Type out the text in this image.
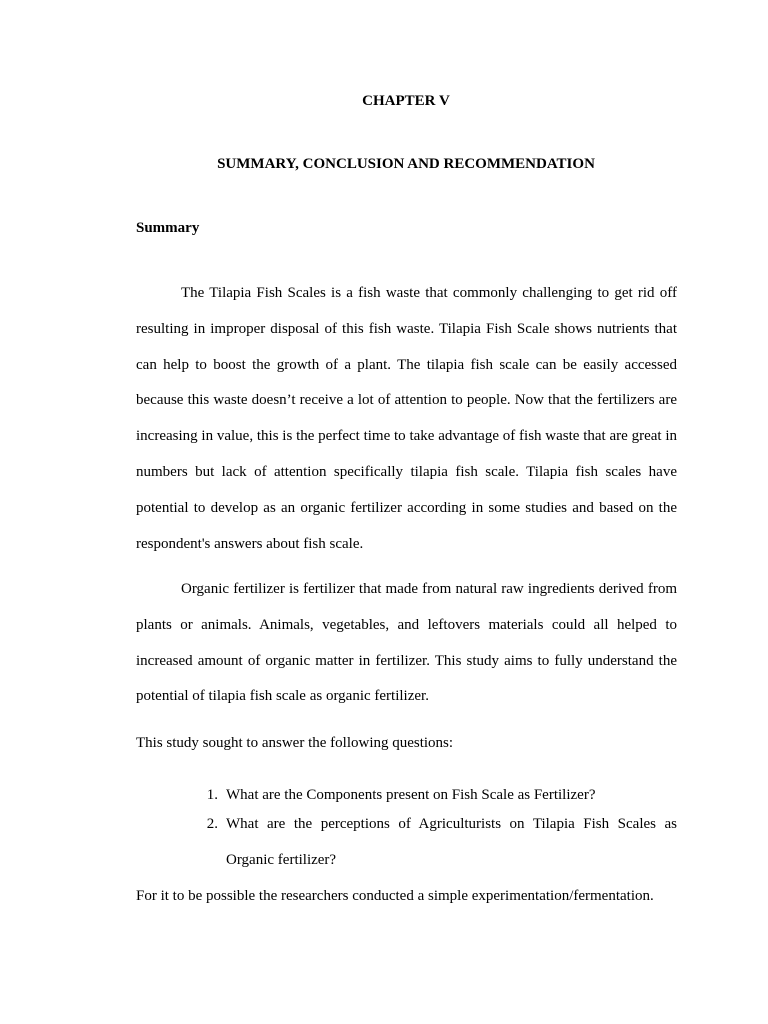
CHAPTER V
SUMMARY, CONCLUSION AND RECOMMENDATION
Summary

The Tilapia Fish Scales is a fish waste that commonly challenging to get rid off resulting in improper disposal of this fish waste. Tilapia Fish Scale shows nutrients that can help to boost the growth of a plant. The tilapia fish scale can be easily accessed because this waste doesn’t receive a lot of attention to people. Now that the fertilizers are increasing in value, this is the perfect time to take advantage of fish waste that are great in numbers but lack of attention specifically tilapia fish scale. Tilapia fish scales have potential to develop as an organic fertilizer according in some studies and based on the respondent's answers about fish scale.

Organic fertilizer is fertilizer that made from natural raw ingredients derived from plants or animals. Animals, vegetables, and leftovers materials could all helped to increased amount of organic matter in fertilizer. This study aims to fully understand the potential of tilapia fish scale as organic fertilizer.

This study sought to answer the following questions:

1. What are the Components present on Fish Scale as Fertilizer?
2. What are the perceptions of Agriculturists on Tilapia Fish Scales as Organic fertilizer?

For it to be possible the researchers conducted a simple experimentation/fermentation.
